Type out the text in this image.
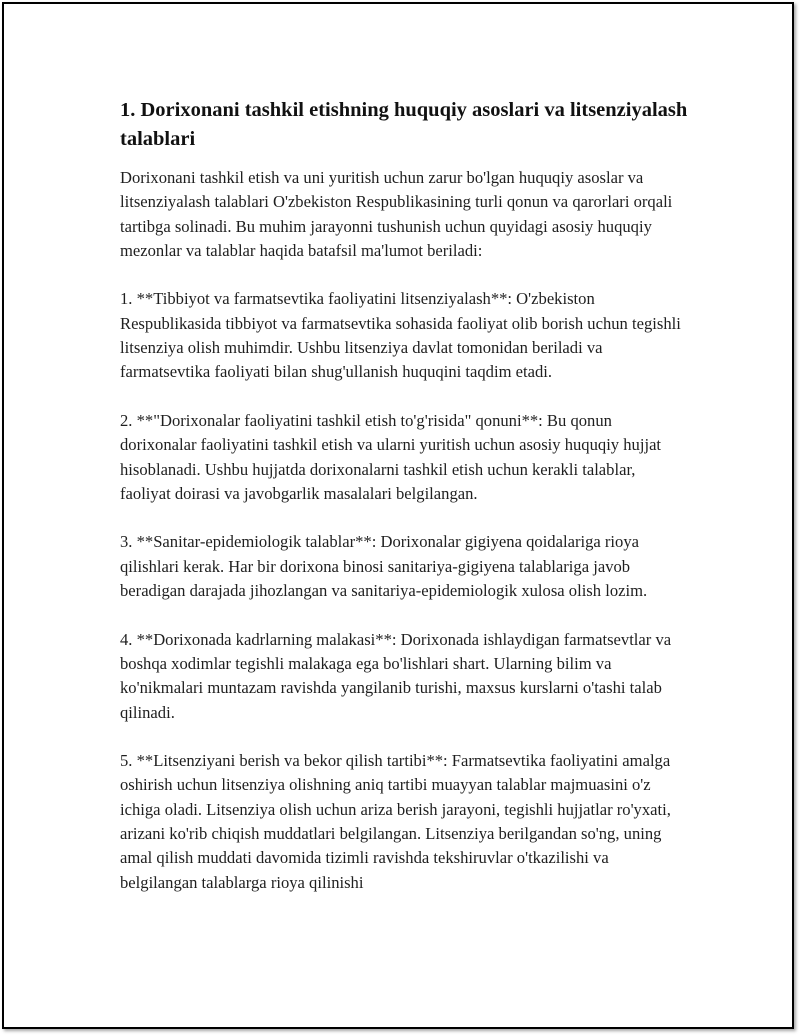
1. Dorixonani tashkil etishning huquqiy asoslari va litsenziyalash talablari

Dorixonani tashkil etish va uni yuritish uchun zarur bo'lgan huquqiy asoslar va litsenziyalash talablari O'zbekiston Respublikasining turli qonun va qarorlari orqali tartibga solinadi. Bu muhim jarayonni tushunish uchun quyidagi asosiy huquqiy mezonlar va talablar haqida batafsil ma'lumot beriladi:

1. **Tibbiyot va farmatsevtika faoliyatini litsenziyalash**: O'zbekiston Respublikasida tibbiyot va farmatsevtika sohasida faoliyat olib borish uchun tegishli litsenziya olish muhimdir. Ushbu litsenziya davlat tomonidan beriladi va farmatsevtika faoliyati bilan shug'ullanish huquqini taqdim etadi.

2. **"Dorixonalar faoliyatini tashkil etish to'g'risida" qonuni**: Bu qonun dorixonalar faoliyatini tashkil etish va ularni yuritish uchun asosiy huquqiy hujjat hisoblanadi. Ushbu hujjatda dorixonalarni tashkil etish uchun kerakli talablar, faoliyat doirasi va javobgarlik masalalari belgilangan.

3. **Sanitar-epidemiologik talablar**: Dorixonalar gigiyena qoidalariga rioya qilishlari kerak. Har bir dorixona binosi sanitariya-gigiyena talablariga javob beradigan darajada jihozlangan va sanitariya-epidemiologik xulosa olish lozim.

4. **Dorixonada kadrlarning malakasi**: Dorixonada ishlaydigan farmatsevtlar va boshqa xodimlar tegishli malakaga ega bo'lishlari shart. Ularning bilim va ko'nikmalari muntazam ravishda yangilanib turishi, maxsus kurslarni o'tashi talab qilinadi.

5. **Litsenziyani berish va bekor qilish tartibi**: Farmatsevtika faoliyatini amalga oshirish uchun litsenziya olishning aniq tartibi muayyan talablar majmuasini o'z ichiga oladi. Litsenziya olish uchun ariza berish jarayoni, tegishli hujjatlar ro'yxati, arizani ko'rib chiqish muddatlari belgilangan. Litsenziya berilgandan so'ng, uning amal qilish muddati davomida tizimli ravishda tekshiruvlar o'tkazilishi va belgilangan talablarga rioya qilinishi
